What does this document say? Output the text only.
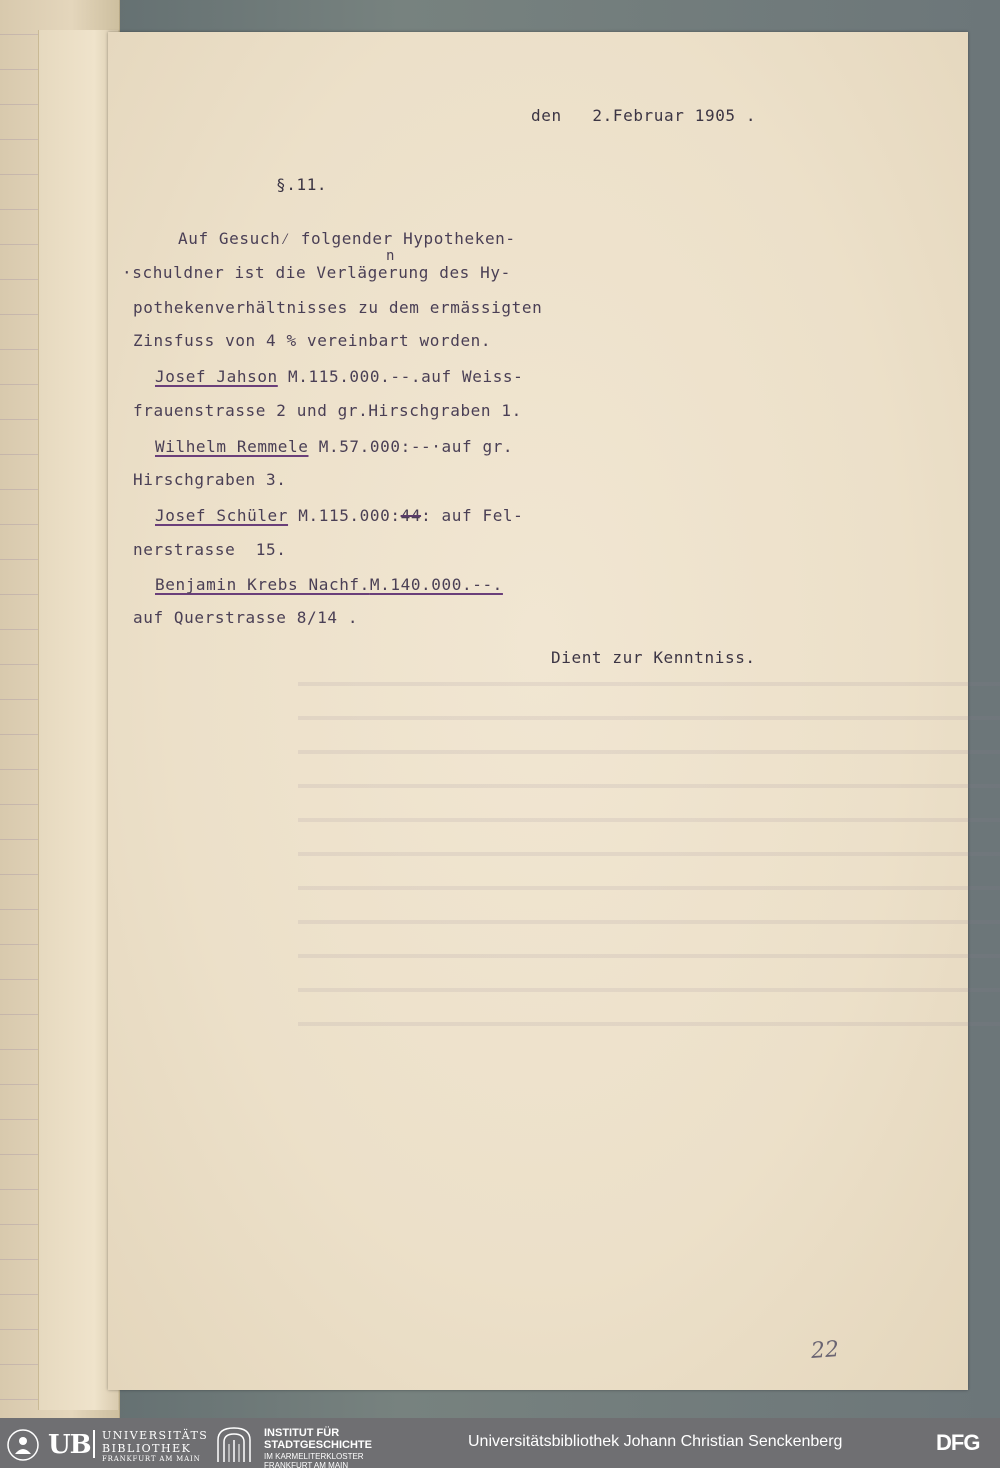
den   2.Februar 1905 .
§.11.
Auf Gesuch⁄ folgender Hypotheken-
n
·schuldner ist die Verlägerung des Hy-
pothekenverhältnisses zu dem ermässigten
Zinsfuss von 4 % vereinbart worden.
Josef Jahson M.115.000.--.auf Weiss-
frauenstrasse 2 und gr.Hirschgraben 1.
Wilhelm Remmele M.57.000:--·auf gr.
Hirschgraben 3.
Josef Schüler M.115.000:44: auf Fel-
nerstrasse  15.
Benjamin Krebs Nachf.M.140.000.--.
auf Querstrasse 8/14 .
Dient zur Kenntniss.
22
UB UNIVERSITÄTS
BIBLIOTHEK
FRANKFURT AM MAIN
INSTITUT FÜR
STADTGESCHICHTE
IM KARMELITERKLOSTER
FRANKFURT AM MAIN
Universitätsbibliothek Johann Christian Senckenberg	DFG
